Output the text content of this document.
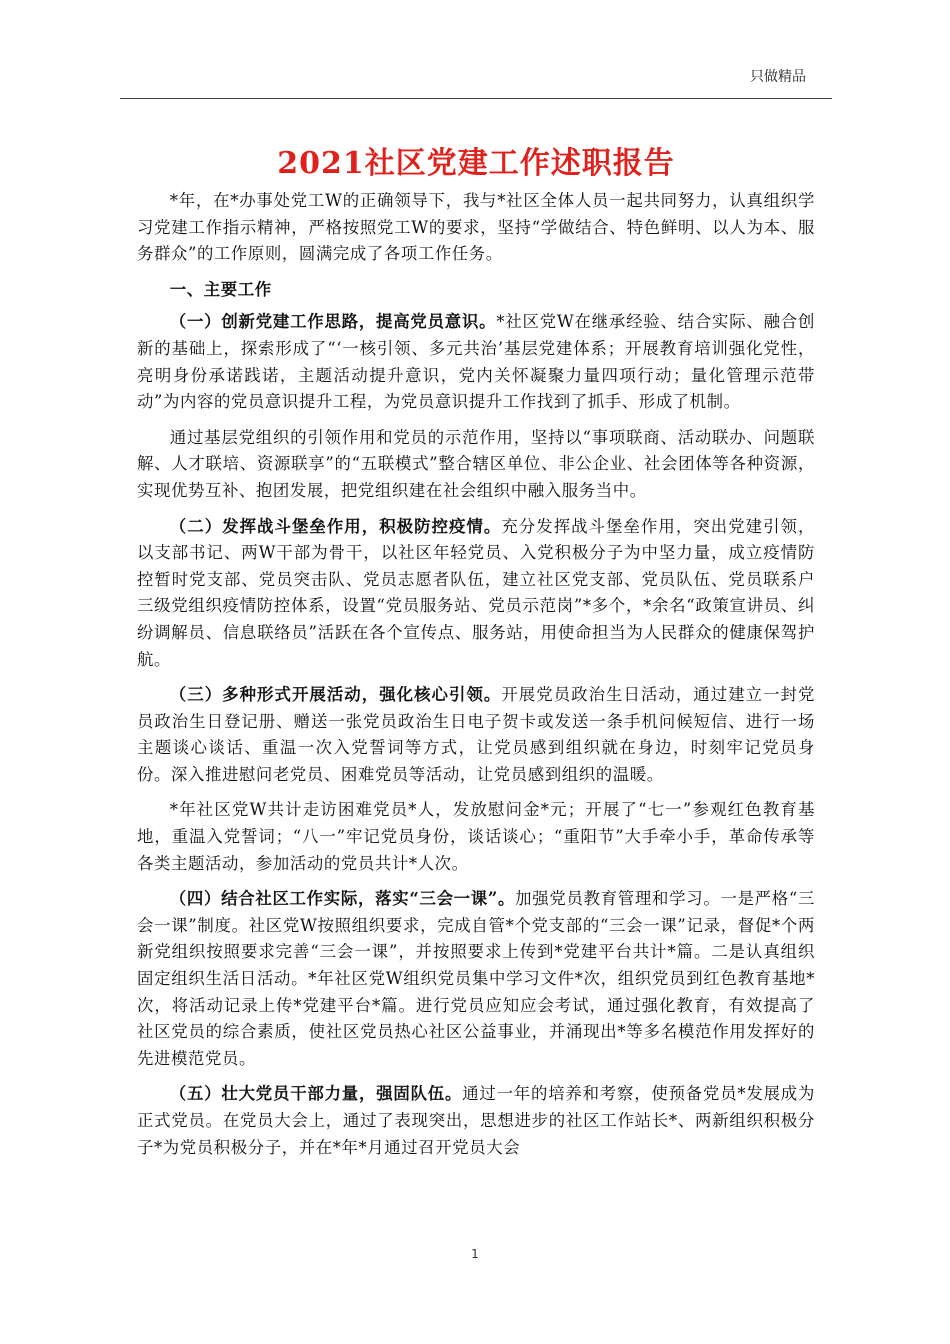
只做精品
2021社区党建工作述职报告

*年，在*办事处党工W的正确领导下，我与*社区全体人员一起共同努力，认真组织学习党建工作指示精神，严格按照党工W的要求，坚持“学做结合、特色鲜明、以人为本、服务群众”的工作原则，圆满完成了各项工作任务。

一、主要工作

（一）创新党建工作思路，提高党员意识。*社区党W在继承经验、结合实际、融合创新的基础上，探索形成了“‘一核引领、多元共治’基层党建体系；开展教育培训强化党性，亮明身份承诺践诺，主题活动提升意识，党内关怀凝聚力量四项行动；量化管理示范带动”为内容的党员意识提升工程，为党员意识提升工作找到了抓手、形成了机制。

通过基层党组织的引领作用和党员的示范作用，坚持以“事项联商、活动联办、问题联解、人才联培、资源联享”的“五联模式”整合辖区单位、非公企业、社会团体等各种资源，实现优势互补、抱团发展，把党组织建在社会组织中融入服务当中。

（二）发挥战斗堡垒作用，积极防控疫情。充分发挥战斗堡垒作用，突出党建引领，以支部书记、两W干部为骨干，以社区年轻党员、入党积极分子为中坚力量，成立疫情防控暂时党支部、党员突击队、党员志愿者队伍，建立社区党支部、党员队伍、党员联系户三级党组织疫情防控体系，设置“党员服务站、党员示范岗”*多个，*余名“政策宣讲员、纠纷调解员、信息联络员”活跃在各个宣传点、服务站，用使命担当为人民群众的健康保驾护航。

（三）多种形式开展活动，强化核心引领。开展党员政治生日活动，通过建立一封党员政治生日登记册、赠送一张党员政治生日电子贺卡或发送一条手机问候短信、进行一场主题谈心谈话、重温一次入党誓词等方式，让党员感到组织就在身边，时刻牢记党员身份。深入推进慰问老党员、困难党员等活动，让党员感到组织的温暖。

*年社区党W共计走访困难党员*人，发放慰问金*元；开展了“七一”参观红色教育基地，重温入党誓词；“八一”牢记党员身份，谈话谈心；“重阳节”大手牵小手，革命传承等各类主题活动，参加活动的党员共计*人次。

（四）结合社区工作实际，落实“三会一课”。加强党员教育管理和学习。一是严格“三会一课”制度。社区党W按照组织要求，完成自管*个党支部的“三会一课”记录，督促*个两新党组织按照要求完善“三会一课”，并按照要求上传到*党建平台共计*篇。二是认真组织固定组织生活日活动。*年社区党W组织党员集中学习文件*次，组织党员到红色教育基地*次，将活动记录上传*党建平台*篇。进行党员应知应会考试，通过强化教育，有效提高了社区党员的综合素质，使社区党员热心社区公益事业，并涌现出*等多名模范作用发挥好的先进模范党员。

（五）壮大党员干部力量，强固队伍。通过一年的培养和考察，使预备党员*发展成为正式党员。在党员大会上，通过了表现突出，思想进步的社区工作站长*、两新组织积极分子*为党员积极分子，并在*年*月通过召开党员大会

1
